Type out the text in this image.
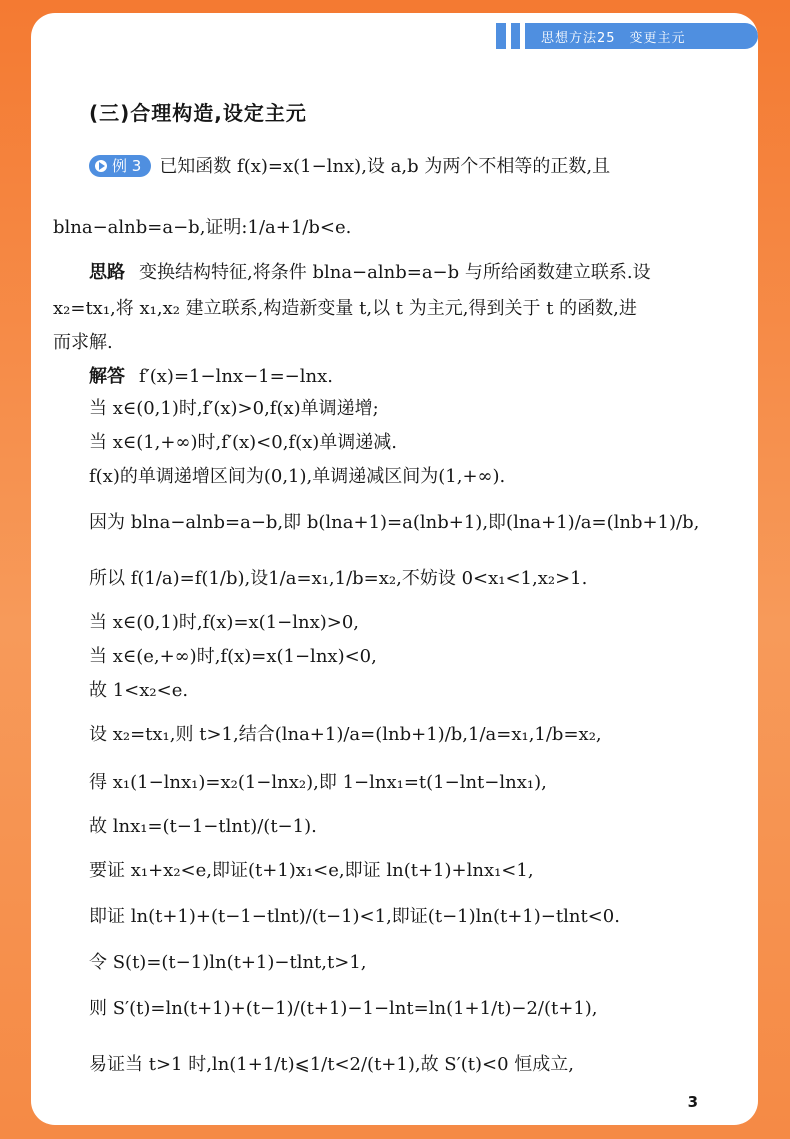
思想方法25　变更主元
(三)合理构造,设定主元
例 3 已知函数 f(x)=x(1−lnx),设 a,b 为两个不相等的正数,且
blna−alnb=a−b,证明:1/a+1/b<e.
思路 变换结构特征,将条件 blna−alnb=a−b 与所给函数建立联系.设
x₂=tx₁,将 x₁,x₂ 建立联系,构造新变量 t,以 t 为主元,得到关于 t 的函数,进
而求解.
解答 f′(x)=1−lnx−1=−lnx.
当 x∈(0,1)时,f′(x)>0,f(x)单调递增;
当 x∈(1,+∞)时,f′(x)<0,f(x)单调递减.
f(x)的单调递增区间为(0,1),单调递减区间为(1,+∞).
因为 blna−alnb=a−b,即 b(lna+1)=a(lnb+1),即(lna+1)/a=(lnb+1)/b,
所以 f(1/a)=f(1/b),设1/a=x₁,1/b=x₂,不妨设 0<x₁<1,x₂>1.
当 x∈(0,1)时,f(x)=x(1−lnx)>0,
当 x∈(e,+∞)时,f(x)=x(1−lnx)<0,
故 1<x₂<e.
设 x₂=tx₁,则 t>1,结合(lna+1)/a=(lnb+1)/b,1/a=x₁,1/b=x₂,
得 x₁(1−lnx₁)=x₂(1−lnx₂),即 1−lnx₁=t(1−lnt−lnx₁),
故 lnx₁=(t−1−tlnt)/(t−1).
要证 x₁+x₂<e,即证(t+1)x₁<e,即证 ln(t+1)+lnx₁<1,
即证 ln(t+1)+(t−1−tlnt)/(t−1)<1,即证(t−1)ln(t+1)−tlnt<0.
令 S(t)=(t−1)ln(t+1)−tlnt,t>1,
则 S′(t)=ln(t+1)+(t−1)/(t+1)−1−lnt=ln(1+1/t)−2/(t+1),
易证当 t>1 时,ln(1+1/t)⩽1/t<2/(t+1),故 S′(t)<0 恒成立,
3
